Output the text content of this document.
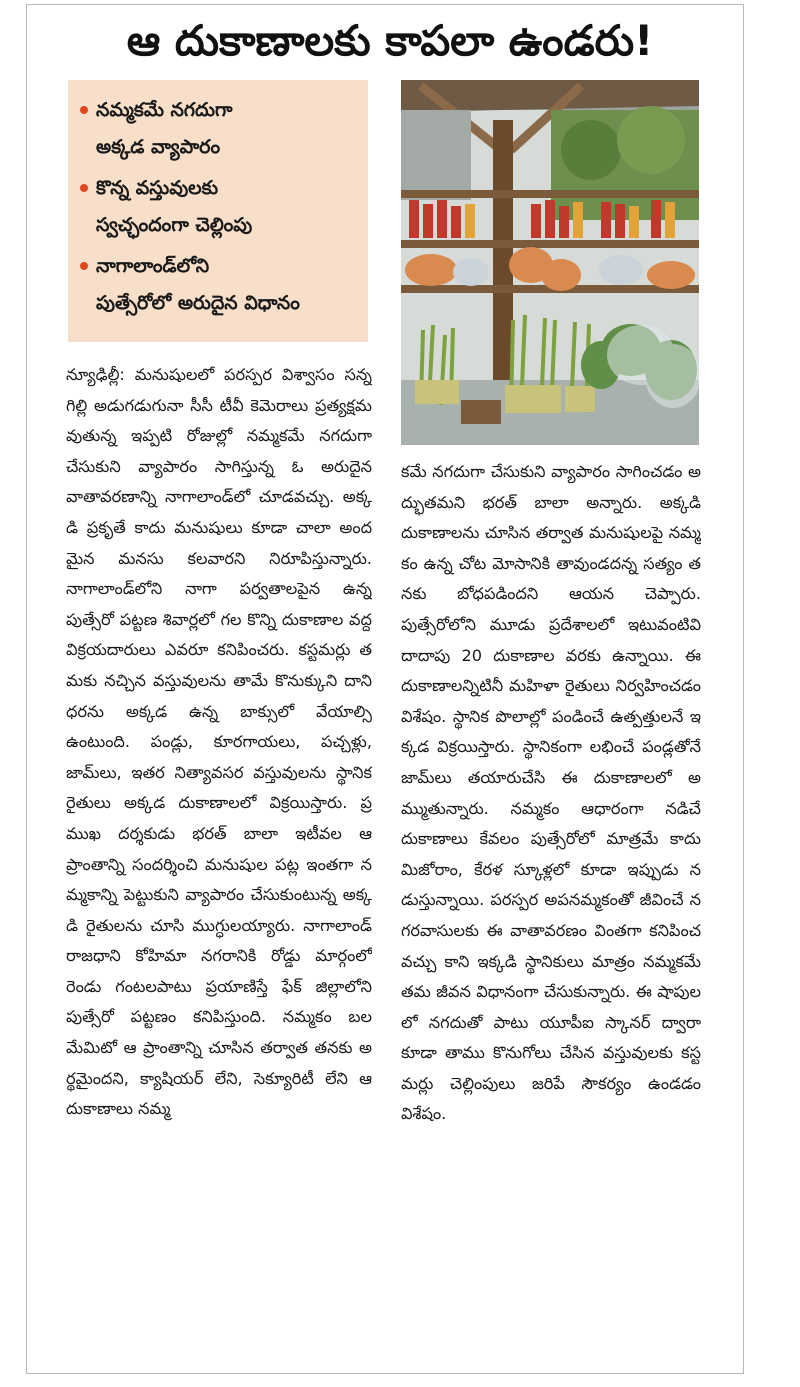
ఆ దుకాణాలకు కాపలా ఉండరు!
నమ్మకమే నగదుగా
అక్కడ వ్యాపారం
కొన్న వస్తువులకు
స్వచ్ఛందంగా చెల్లింపు
నాగాలాండ్‌లోని
పుత్సేరోలో అరుదైన విధానం
న్యూఢిల్లీ: మనుషులలో పరస్పర విశ్వాసం సన్నగిల్లి అడుగడుగునా సీసీ టీవీ కెమెరాలు ప్రత్యక్షమవుతున్న ఇప్పటి రోజుల్లో నమ్మకమే నగదుగా చేసుకుని వ్యాపారం సాగిస్తున్న ఓ అరుదైన వాతావరణాన్ని నాగాలాండ్‌లో చూడవచ్చు. అక్కడి ప్రకృతే కాదు మనుషులు కూడా చాలా అందమైన మనసు కలవారని నిరూపిస్తున్నారు. నాగాలాండ్‌లోని నాగా పర్వతాలపైన ఉన్న పుత్సేరో పట్టణ శివార్లలో గల కొన్ని దుకాణాల వద్ద విక్రయదారులు ఎవరూ కనిపించరు. కస్టమర్లు తమకు నచ్చిన వస్తువులను తామే కొనుక్కుని దాని ధరను అక్కడ ఉన్న బాక్సులో వేయాల్సి ఉంటుంది. పండ్లు, కూరగాయలు, పచ్చళ్లు, జామ్‌లు, ఇతర నిత్యావసర వస్తువులను స్థానిక రైతులు అక్కడ దుకాణాలలో విక్రయిస్తారు. ప్రముఖ దర్శకుడు భరత్ బాలా ఇటీవల ఆ ప్రాంతాన్ని సందర్శించి మనుషుల పట్ల ఇంతగా నమ్మకాన్ని పెట్టుకుని వ్యాపారం చేసుకుంటున్న అక్కడి రైతులను చూసి ముగ్ధులయ్యారు. నాగాలాండ్ రాజధాని కోహిమా నగరానికి రోడ్డు మార్గంలో రెండు గంటలపాటు ప్రయాణిస్తే ఫేక్ జిల్లాలోని పుత్సేరో పట్టణం కనిపిస్తుంది. నమ్మకం బలమేమిటో ఆ ప్రాంతాన్ని చూసిన తర్వాత తనకు అర్థమైందని, క్యాషియర్ లేని, సెక్యూరిటీ లేని ఆ దుకాణాలు నమ్మ
కమే నగదుగా చేసుకుని వ్యాపారం సాగించడం అద్భుతమని భరత్ బాలా అన్నారు. అక్కడి దుకాణాలను చూసిన తర్వాత మనుషులపై నమ్మకం ఉన్న చోట మోసానికి తావుండదన్న సత్యం తనకు బోధపడిందని ఆయన చెప్పారు. పుత్సేరోలోని మూడు ప్రదేశాలలో ఇటువంటివి దాదాపు 20 దుకాణాల వరకు ఉన్నాయి. ఈ దుకాణాలన్నిటినీ మహిళా రైతులు నిర్వహించడం విశేషం. స్థానిక పొలాల్లో పండించే ఉత్పత్తులనే ఇక్కడ విక్రయిస్తారు. స్థానికంగా లభించే పండ్లతోనే జామ్‌లు తయారుచేసి ఈ దుకాణాలలో అమ్ముతున్నారు. నమ్మకం ఆధారంగా నడిచే దుకాణాలు కేవలం పుత్సేరోలో మాత్రమే కాదు మిజోరాం, కేరళ స్కూళ్లలో కూడా ఇప్పుడు నడుస్తున్నాయి. పరస్పర అపనమ్మకంతో జీవించే నగరవాసులకు ఈ వాతావరణం వింతగా కనిపించవచ్చు కాని ఇక్కడి స్థానికులు మాత్రం నమ్మకమే తమ జీవన విధానంగా చేసుకున్నారు. ఈ షాపులలో నగదుతో పాటు యూపీఐ స్కానర్ ద్వారా కూడా తాము కొనుగోలు చేసిన వస్తువులకు కస్టమర్లు చెల్లింపులు జరిపే సౌకర్యం ఉండడం విశేషం.
